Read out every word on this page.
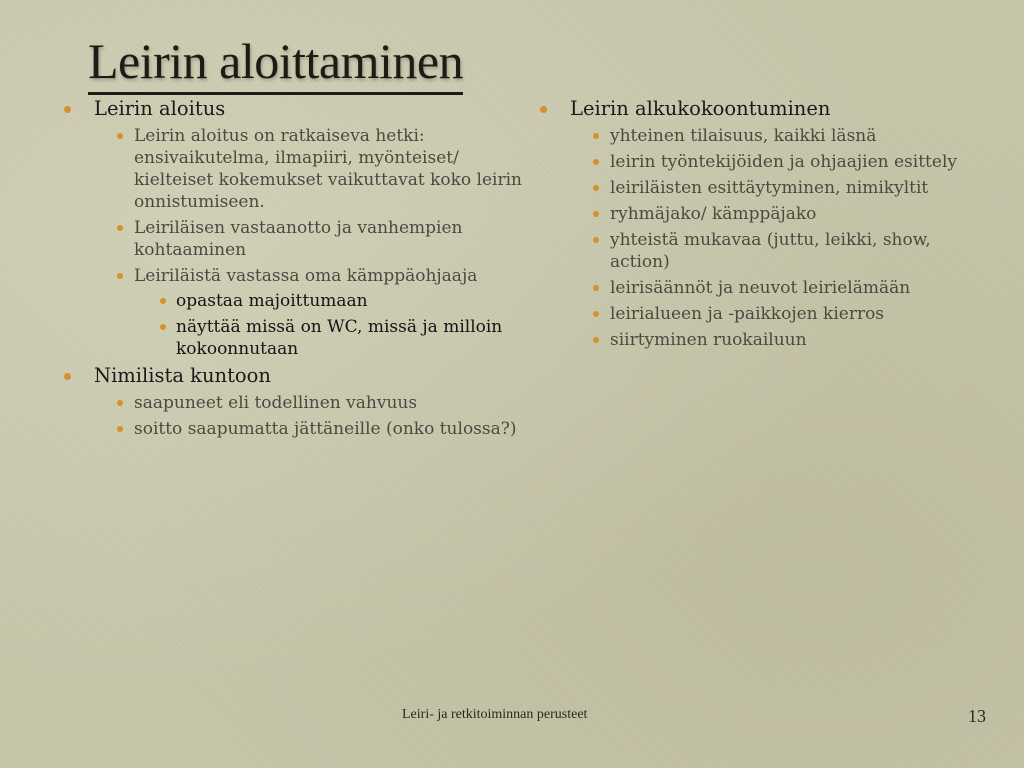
Leirin aloittaminen
Leirin aloitus
Leirin aloitus on ratkaiseva hetki: ensivaikutelma, ilmapiiri, myönteiset/ kielteiset kokemukset vaikuttavat koko leirin onnistumiseen.
Leiriläisen vastaanotto ja vanhempien kohtaaminen
Leiriläistä vastassa oma kämppäohjaaja
opastaa majoittumaan
näyttää missä on WC, missä ja milloin kokoonnutaan
Nimilista kuntoon
saapuneet eli todellinen vahvuus
soitto saapumatta jättäneille (onko tulossa?)
Leirin alkukokoontuminen
yhteinen tilaisuus, kaikki läsnä
leirin työntekijöiden ja ohjaajien esittely
leiriläisten esittäytyminen, nimikyltit
ryhmäjako/ kämppäjako
yhteistä mukavaa (juttu, leikki, show, action)
leirisäännöt ja neuvot leirielämään
leirialueen ja -paikkojen kierros
siirtyminen ruokailuun
Leiri- ja retkitoiminnan perusteet	13
